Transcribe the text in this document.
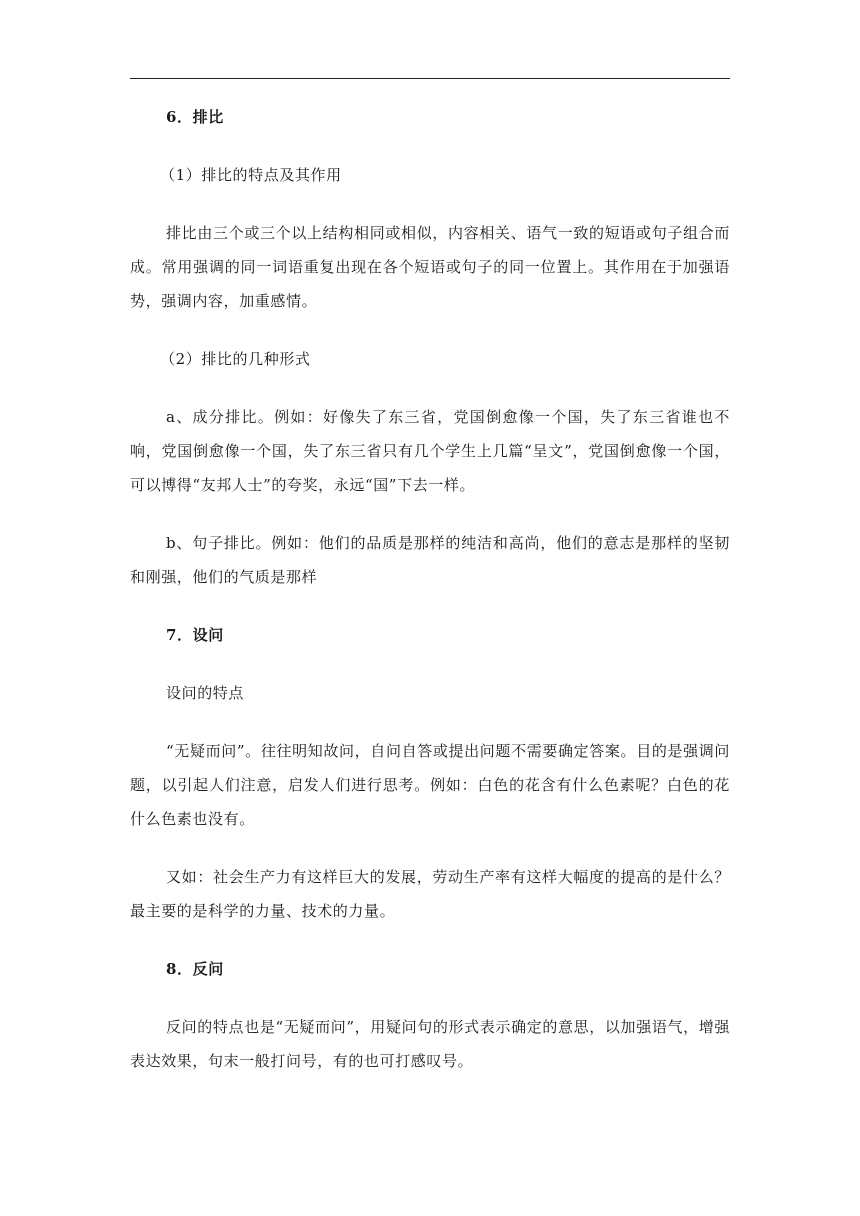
6．排比

（1）排比的特点及其作用

排比由三个或三个以上结构相同或相似，内容相关、语气一致的短语或句子组合而成。常用强调的同一词语重复出现在各个短语或句子的同一位置上。其作用在于加强语势，强调内容，加重感情。

（2）排比的几种形式

a、成分排比。例如：好像失了东三省，党国倒愈像一个国，失了东三省谁也不响，党国倒愈像一个国，失了东三省只有几个学生上几篇“呈文”，党国倒愈像一个国，可以博得“友邦人士”的夸奖，永远“国”下去一样。

b、句子排比。例如：他们的品质是那样的纯洁和高尚，他们的意志是那样的坚韧和刚强，他们的气质是那样

7．设问

设问的特点

“无疑而问”。往往明知故问，自问自答或提出问题不需要确定答案。目的是强调问题，以引起人们注意，启发人们进行思考。例如：白色的花含有什么色素呢？白色的花什么色素也没有。

又如：社会生产力有这样巨大的发展，劳动生产率有这样大幅度的提高的是什么？最主要的是科学的力量、技术的力量。

8．反问

反问的特点也是“无疑而问”，用疑问句的形式表示确定的意思，以加强语气，增强表达效果，句末一般打问号，有的也可打感叹号。
